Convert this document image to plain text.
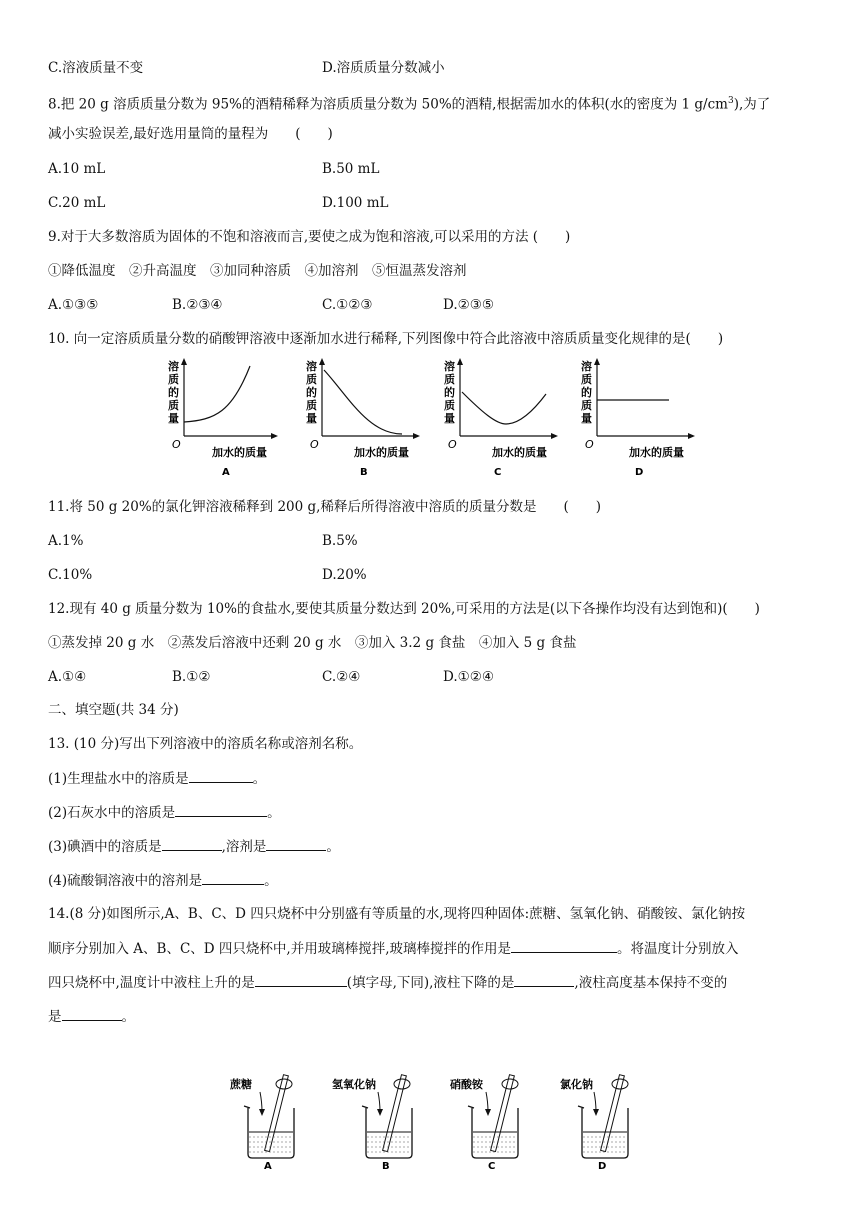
C.溶液质量不变	D.溶质质量分数减小
8.把 20 g 溶质质量分数为 95%的酒精稀释为溶质质量分数为 50%的酒精,根据需加水的体积(水的密度为 1 $g/cm^3$),为了
减小实验误差,最好选用量筒的量程为　　(　　)
A.10 mL	B.50 mL
C.20 mL	D.100 mL
9.对于大多数溶质为固体的不饱和溶液而言,要使之成为饱和溶液,可以采用的方法 (　　)
①降低温度　②升高温度　③加同种溶质　④加溶剂　⑤恒温蒸发溶剂
A.①③⑤	B.②③④	C.①②③	D.②③⑤
10. 向一定溶质质量分数的硝酸钾溶液中逐渐加水进行稀释,下列图像中符合此溶液中溶质质量变化规律的是(　　)
溶
质
的
质
量
O
加水的质量
A
溶
质
的
质
量
O
加水的质量
B
溶
质
的
质
量
O
加水的质量
C
溶
质
的
质
量
O
加水的质量
D
11.将 50 g 20%的氯化钾溶液稀释到 200 g,稀释后所得溶液中溶质的质量分数是　　(　　)
A.1%	B.5%
C.10%	D.20%
12.现有 40 g 质量分数为 10%的食盐水,要使其质量分数达到 20%,可采用的方法是(以下各操作均没有达到饱和)(　　)
①蒸发掉 20 g 水　②蒸发后溶液中还剩 20 g 水　③加入 3.2 g 食盐　④加入 5 g 食盐
A.①④	B.①②	C.②④	D.①②④
二、填空题(共 34 分)
13. (10 分)写出下列溶液中的溶质名称或溶剂名称。
(1)生理盐水中的溶质是	。
(2)石灰水中的溶质是	。
(3)碘酒中的溶质是	,溶剂是	。
(4)硫酸铜溶液中的溶剂是	。
14.(8 分)如图所示,A、B、C、D 四只烧杯中分别盛有等质量的水,现将四种固体:蔗糖、氢氧化钠、硝酸铵、氯化钠按
顺序分别加入 A、B、C、D 四只烧杯中,并用玻璃棒搅拌,玻璃棒搅拌的作用是	。将温度计分别放入
四只烧杯中,温度计中液柱上升的是	(填字母,下同),液柱下降的是	,液柱高度基本保持不变的
是	。
蔗糖
A
氢氧化钠
B
硝酸铵
C
氯化钠
D
